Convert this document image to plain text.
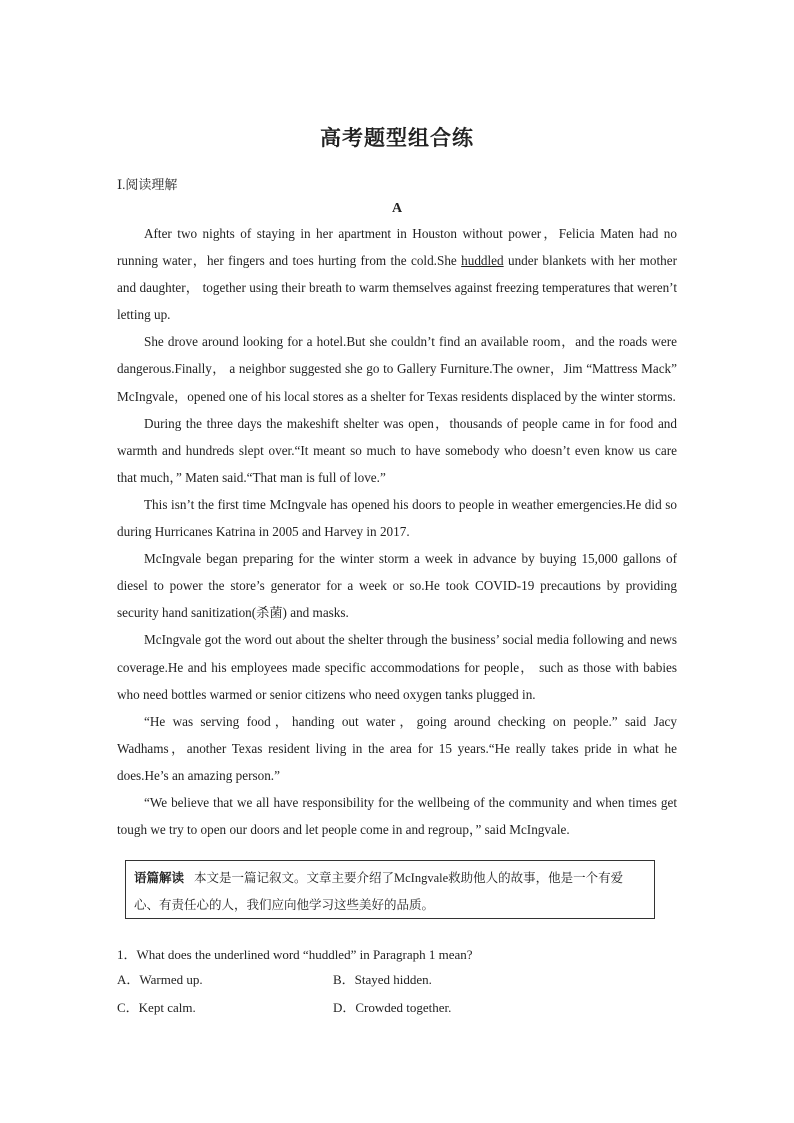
高考题型组合练
Ⅰ.阅读理解
A

After two nights of staying in her apartment in Houston without power，Felicia Maten had no running water，her fingers and toes hurting from the cold.She huddled under blankets with her mother and daughter， together using their breath to warm themselves against freezing temperatures that weren’t letting up.

She drove around looking for a hotel.But she couldn’t find an available room，and the roads were dangerous.Finally， a neighbor suggested she go to Gallery Furniture.The owner，Jim “Mattress Mack” McIngvale，opened one of his local stores as a shelter for Texas residents displaced by the winter storms.

During the three days the makeshift shelter was open，thousands of people came in for food and warmth and hundreds slept over.“It meant so much to have somebody who doesn’t even know us care that much，” Maten said.“That man is full of love.”

This isn’t the first time McIngvale has opened his doors to people in weather emergencies.He did so during Hurricanes Katrina in 2005 and Harvey in 2017.

McIngvale began preparing for the winter storm a week in advance by buying 15,000 gallons of diesel to power the store’s generator for a week or so.He took COVID-19 precautions by providing security hand sanitization(杀菌) and masks.

McIngvale got the word out about the shelter through the business’ social media following and news coverage.He and his employees made specific accommodations for people， such as those with babies who need bottles warmed or senior citizens who need oxygen tanks plugged in.

“He was serving food，handing out water，going around checking on people.” said Jacy Wadhams，another Texas resident living in the area for 15 years.“He really takes pride in what he does.He’s an amazing person.”

“We believe that we all have responsibility for the wellbeing of the community and when times get tough we try to open our doors and let people come in and regroup，” said McIngvale.

语篇解读 本文是一篇记叙文。文章主要介绍了McIngvale救助他人的故事，他是一个有爱心、有责任心的人，我们应向他学习这些美好的品质。

1．What does the underlined word “huddled” in Paragraph 1 mean?

A．Warmed up.	B．Stayed hidden.
C．Kept calm.	D．Crowded together.
